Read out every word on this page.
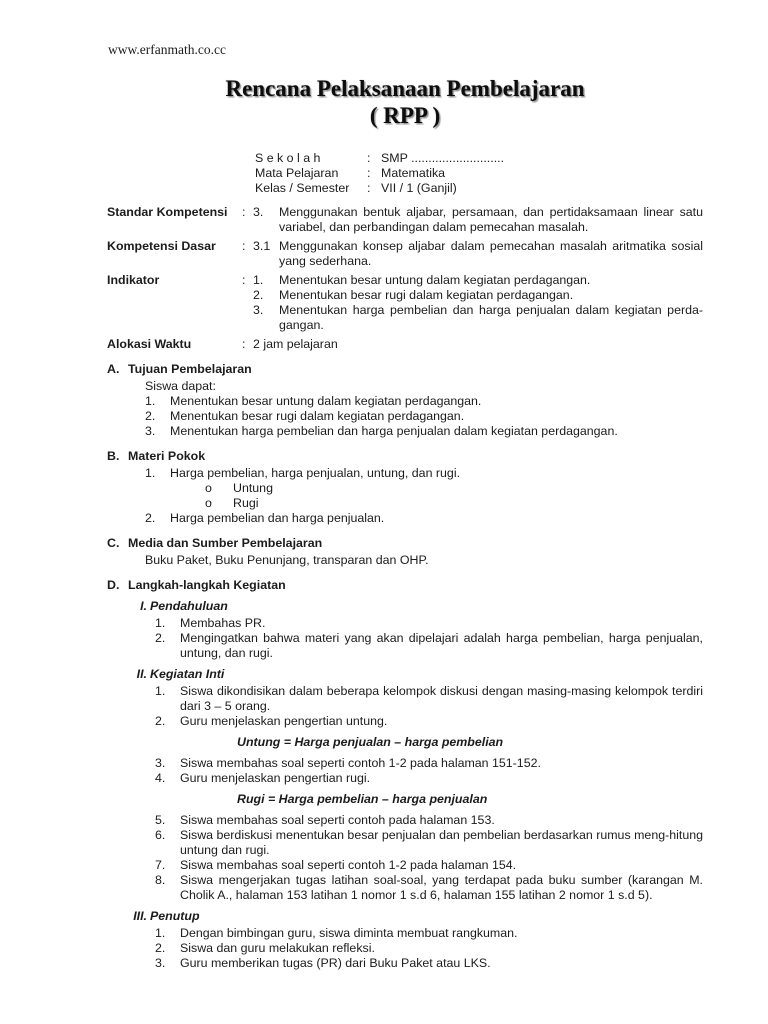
www.erfanmath.co.cc
Rencana Pelaksanaan Pembelajaran
( RPP )
S e k o l a h	: SMP ...........................
Mata Pelajaran	: Matematika
Kelas / Semester	: VII / 1 (Ganjil)
Standar Kompetensi	: 3.	Menggunakan bentuk aljabar, persamaan, dan pertidaksamaan linear satu variabel, dan perbandingan dalam pemecahan masalah.
Kompetensi Dasar	: 3.1 Menggunakan konsep aljabar dalam pemecahan masalah aritmatika sosial yang sederhana.
Indikator	: 1.	Menentukan besar untung dalam kegiatan perdagangan.
2.	Menentukan besar rugi dalam kegiatan perdagangan.
3.	Menentukan harga pembelian dan harga penjualan dalam kegiatan perda-gangan.
Alokasi Waktu	: 2 jam pelajaran
A. Tujuan Pembelajaran
Siswa dapat:
1.	Menentukan besar untung dalam kegiatan perdagangan.
2.	Menentukan besar rugi dalam kegiatan perdagangan.
3.	Menentukan harga pembelian dan harga penjualan dalam kegiatan perdagangan.
B. Materi Pokok
1.	Harga pembelian, harga penjualan, untung, dan rugi.
o	Untung
o	Rugi
2.	Harga pembelian dan harga penjualan.
C. Media dan Sumber Pembelajaran
Buku Paket, Buku Penunjang, transparan dan OHP.
D. Langkah-langkah Kegiatan
I. Pendahuluan
1.	Membahas PR.
2.	Mengingatkan bahwa materi yang akan dipelajari adalah harga pembelian, harga penjualan, untung, dan rugi.
II. Kegiatan Inti
1.	Siswa dikondisikan dalam beberapa kelompok diskusi dengan masing-masing kelompok terdiri dari 3 – 5 orang.
2.	Guru menjelaskan pengertian untung.
Untung = Harga penjualan – harga pembelian
3.	Siswa membahas soal seperti contoh 1-2 pada halaman 151-152.
4.	Guru menjelaskan pengertian rugi.
Rugi = Harga pembelian – harga penjualan
5.	Siswa membahas soal seperti contoh pada halaman 153.
6.	Siswa berdiskusi menentukan besar penjualan dan pembelian berdasarkan rumus meng-hitung untung dan rugi.
7.	Siswa membahas soal seperti contoh 1-2 pada halaman 154.
8.	Siswa mengerjakan tugas latihan soal-soal, yang terdapat pada buku sumber (karangan M. Cholik A., halaman 153 latihan 1 nomor 1 s.d 6, halaman 155 latihan 2 nomor 1 s.d 5).
III. Penutup
1.	Dengan bimbingan guru, siswa diminta membuat rangkuman.
2.	Siswa dan guru melakukan refleksi.
3.	Guru memberikan tugas (PR) dari Buku Paket atau LKS.
